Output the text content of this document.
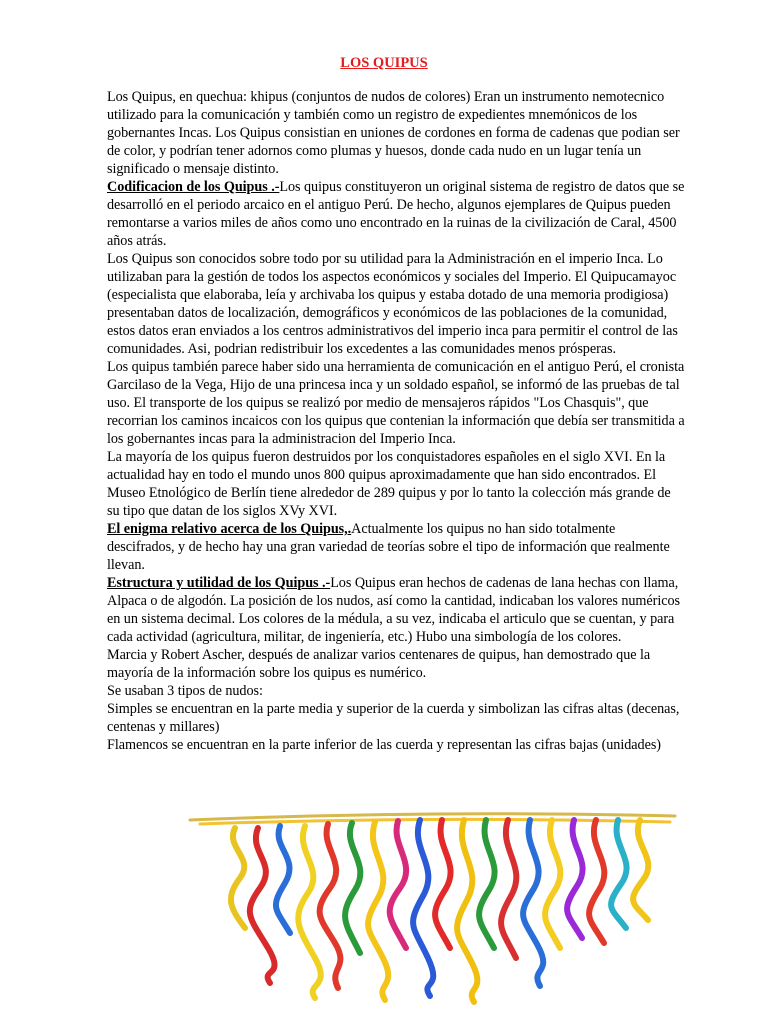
LOS QUIPUS

Los Quipus, en quechua: khipus (conjuntos de nudos de colores) Eran un instrumento nemotecnico utilizado para la comunicación y también como un registro de expedientes mnemónicos de los gobernantes Incas. Los Quipus consistian en uniones de cordones en forma de cadenas que podian ser de color, y podrían tener adornos como plumas y huesos, donde cada nudo en un lugar tenía un significado o mensaje distinto.

Codificacion de los Quipus .-Los quipus constituyeron un original sistema de registro de datos que se desarrolló en el periodo arcaico en el antiguo Perú. De hecho, algunos ejemplares de Quipus pueden remontarse a varios miles de años como uno encontrado en la ruinas de la civilización de Caral, 4500 años atrás.

Los Quipus son conocidos sobre todo por su utilidad para la Administración en el imperio Inca. Lo utilizaban para la gestión de todos los aspectos económicos y sociales del Imperio. El Quipucamayoc (especialista que elaboraba, leía y archivaba los quipus y estaba dotado de una memoria prodigiosa) presentaban datos de localización, demográficos y económicos de las poblaciones de la comunidad, estos datos eran enviados a los centros administrativos del imperio inca para permitir el control de las comunidades. Asi, podrian redistribuir los excedentes a las comunidades menos prósperas.

Los quipus también parece haber sido una herramienta de comunicación en el antiguo Perú, el cronista Garcilaso de la Vega, Hijo de una princesa inca y un soldado español, se informó de las pruebas de tal uso. El transporte de los quipus se realizó por medio de mensajeros rápidos "Los Chasquis", que recorrian los caminos incaicos con los quipus que contenian la información que debía ser transmitida a los gobernantes incas para la administracion del Imperio Inca.

La mayoría de los quipus fueron destruidos por los conquistadores españoles en el siglo XVI. En la actualidad hay en todo el mundo unos 800 quipus aproximadamente que han sido encontrados. El Museo Etnológico de Berlín tiene alrededor de 289 quipus y por lo tanto la colección más grande de su tipo que datan de los siglos XVy XVI.

El enigma relativo acerca de los Quipus,.Actualmente los quipus no han sido totalmente descifrados, y de hecho hay una gran variedad de teorías sobre el tipo de información que realmente llevan.

Estructura y utilidad de los Quipus .-Los Quipus eran hechos de cadenas de lana hechas con llama, Alpaca o de algodón. La posición de los nudos, así como la cantidad, indicaban los valores numéricos en un sistema decimal. Los colores de la médula, a su vez, indicaba el articulo que se cuentan, y para cada actividad (agricultura, militar, de ingeniería, etc.) Hubo una simbología de los colores.

Marcia y Robert Ascher, después de analizar varios centenares de quipus, han demostrado que la mayoría de la información sobre los quipus es numérico.

Se usaban 3 tipos de nudos:

Simples se encuentran en la parte media y superior de la cuerda y simbolizan las cifras altas (decenas, centenas y millares)

Flamencos se encuentran en la parte inferior de las cuerda y representan las cifras bajas (unidades)
